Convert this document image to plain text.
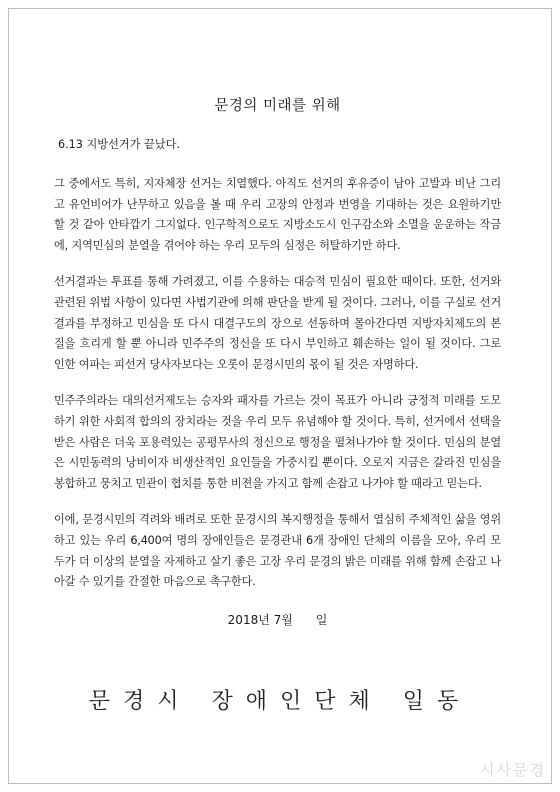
문경의 미래를 위해
6.13 지방선거가 끝났다.

그 중에서도 특히, 지자체장 선거는 치열했다. 아직도 선거의 후유증이 남아 고발과 비난 그리고 유언비어가 난무하고 있음을 볼 때 우리 고장의 안정과 번영을 기대하는 것은 요원하기만 할 것 같아 안타깝기 그지없다. 인구학적으로도 지방소도시 인구감소와 소멸을 운운하는 작금에, 지역민심의 분열을 겪어야 하는 우리 모두의 심정은 허탈하기만 하다.

선거결과는 투표를 통해 가려졌고, 이를 수용하는 대승적 민심이 필요한 때이다. 또한, 선거와 관련된 위법 사항이 있다면 사법기관에 의해 판단을 받게 될 것이다. 그러나, 이를 구실로 선거결과를 부정하고 민심을 또 다시 대결구도의 장으로 선동하며 몰아간다면 지방자치제도의 본질을 흐리게 할 뿐 아니라 민주주의 정신을 또 다시 부인하고 훼손하는 일이 될 것이다. 그로 인한 여파는 피선거 당사자보다는 오롯이 문경시민의 몫이 될 것은 자명하다.

민주주의라는 대의선거제도는 승자와 패자를 가르는 것이 목표가 아니라 긍정적 미래를 도모하기 위한 사회적 합의의 장치라는 것을 우리 모두 유념해야 할 것이다. 특히, 선거에서 선택을 받은 사람은 더욱 포용력있는 공평무사의 정신으로 행정을 펼쳐나가야 할 것이다. 민심의 분열은 시민동력의 낭비이자 비생산적인 요인들을 가중시킬 뿐이다. 오로지 지금은 갈라진 민심을 봉합하고 뭉치고 민관이 협치를 통한 비젼을 가지고 함께 손잡고 나가야 할 때라고 믿는다.

이에, 문경시민의 격려와 배려로 또한 문경시의 복지행정을 통해서 열심히 주체적인 삶을 영위하고 있는 우리 6,400여 명의 장애인들은 문경관내 6개 장애인 단체의 이름을 모아, 우리 모두가 더 이상의 분열을 자제하고 살기 좋은 고장 우리 문경의 밝은 미래를 위해 함께 손잡고 나아갈 수 있기를 간절한 마음으로 촉구한다.

2018년 7월      일
문경시 장애인단체 일동
시사문경
